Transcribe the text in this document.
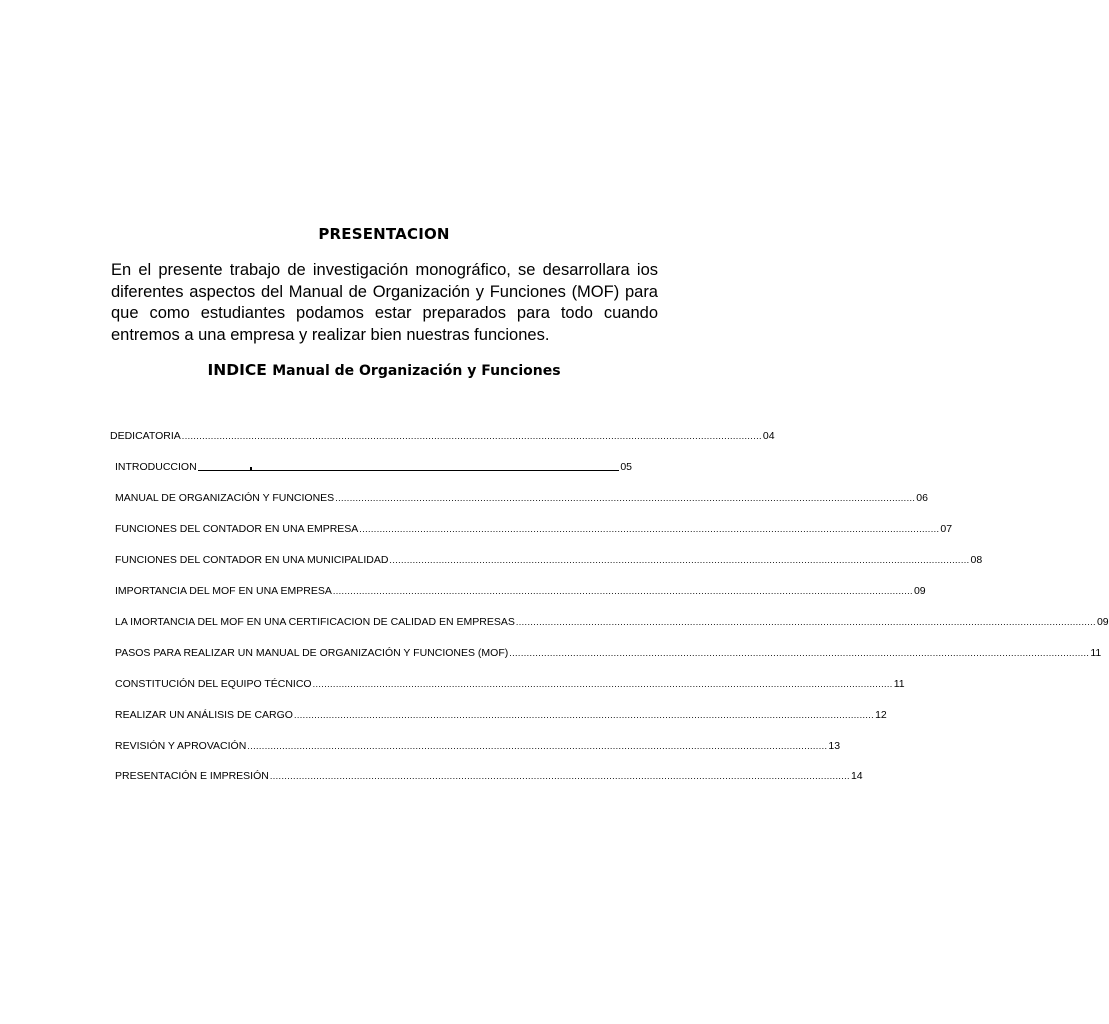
PRESENTACION

En el presente trabajo de investigación monográfico, se desarrollara ios diferentes aspectos del Manual de Organización y Funciones (MOF) para que como estudiantes podamos estar preparados para todo cuando entremos a una empresa y realizar bien nuestras funciones.

INDICE Manual de Organización y Funciones
DEDICATORIA ........................................................................................................................................................................................................ 04
INTRODUCCION	05
MANUAL DE ORGANIZACIÓN Y FUNCIONES ........................................................................................................................................................................................................ 06
FUNCIONES DEL CONTADOR EN UNA EMPRESA ........................................................................................................................................................................................................ 07
FUNCIONES DEL CONTADOR EN UNA MUNICIPALIDAD ........................................................................................................................................................................................................ 08
IMPORTANCIA DEL MOF EN UNA EMPRESA ........................................................................................................................................................................................................ 09
LA IMORTANCIA DEL MOF EN UNA CERTIFICACION DE CALIDAD EN EMPRESAS ........................................................................................................................................................................................................ 09
PASOS PARA REALIZAR UN MANUAL DE ORGANIZACIÓN Y FUNCIONES (MOF) ........................................................................................................................................................................................................ 11
CONSTITUCIÓN DEL EQUIPO TÉCNICO ........................................................................................................................................................................................................ 11
REALIZAR UN ANÁLISIS DE CARGO ........................................................................................................................................................................................................ 12
REVISIÓN Y APROVACIÓN ........................................................................................................................................................................................................ 13
PRESENTACIÓN E IMPRESIÓN ........................................................................................................................................................................................................ 14
